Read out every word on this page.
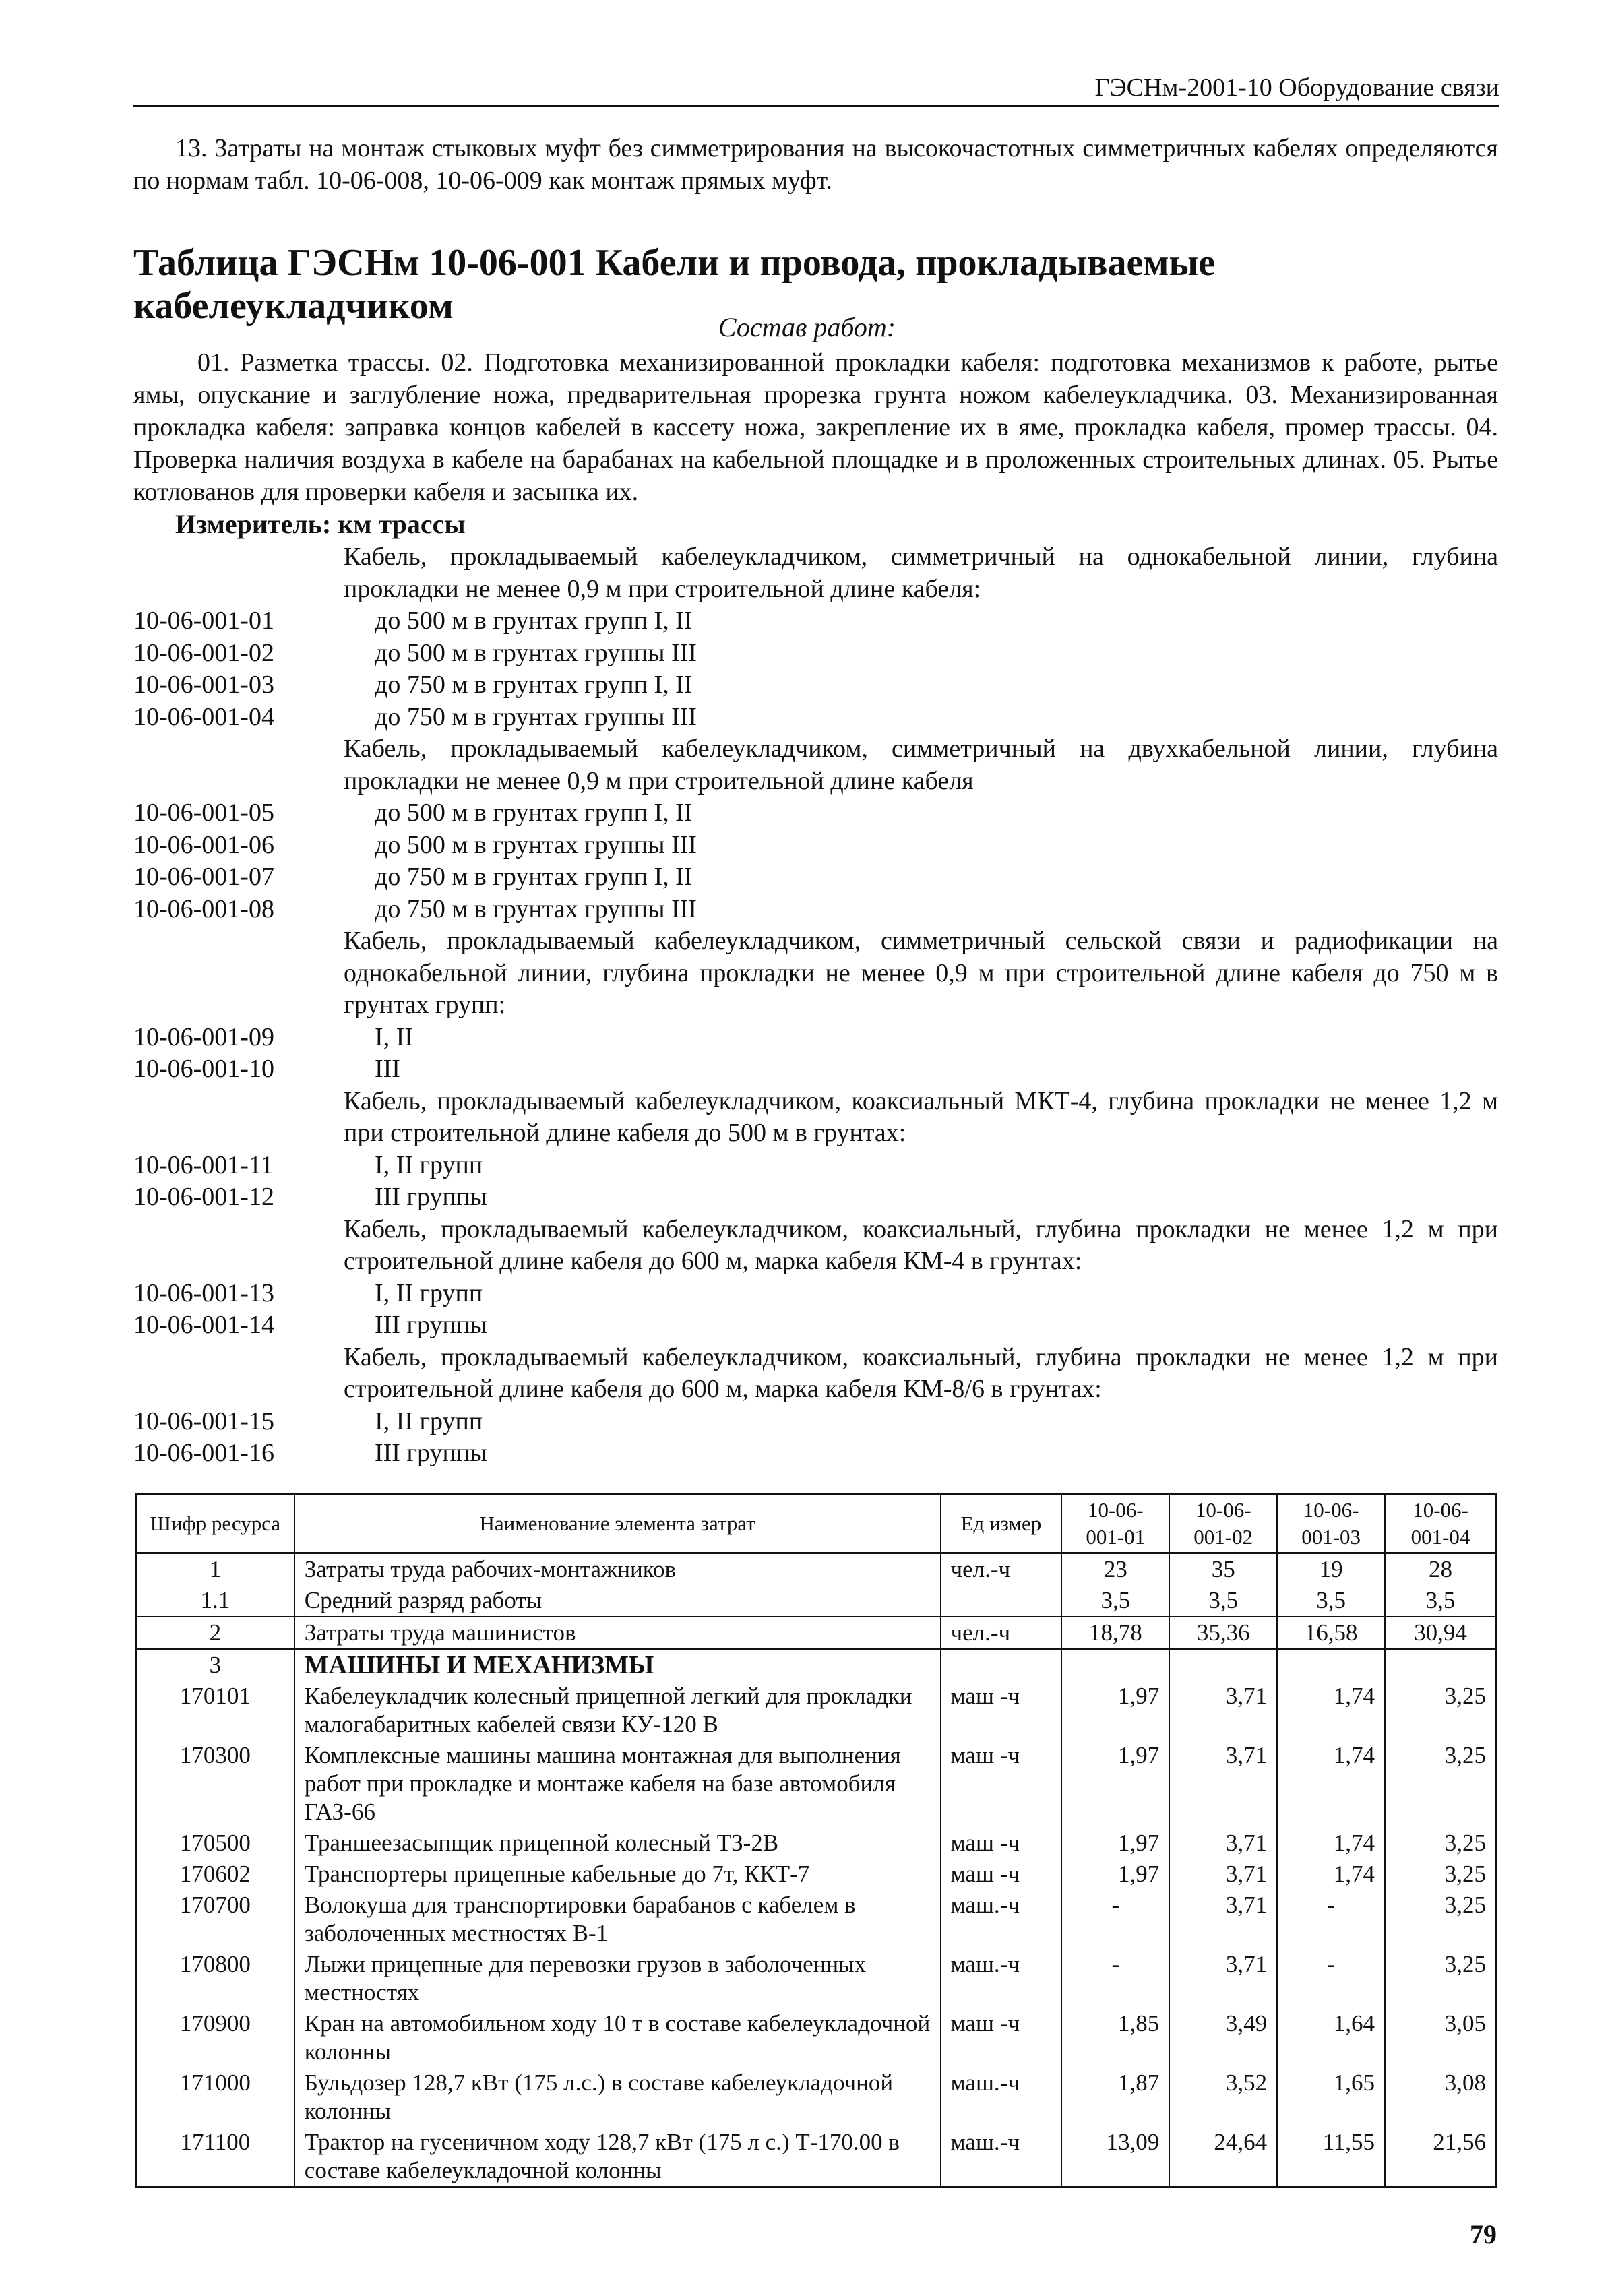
ГЭСНм-2001-10 Оборудование связи
13. Затраты на монтаж стыковых муфт без симметрирования на высокочастотных симметричных кабелях определяются по нормам табл. 10-06-008, 10-06-009 как монтаж прямых муфт.
Таблица ГЭСНм 10-06-001 Кабели и провода, прокладываемые кабелеукладчиком
Состав работ:
01. Разметка трассы. 02. Подготовка механизированной прокладки кабеля: подготовка механизмов к работе, рытье ямы, опускание и заглубление ножа, предварительная прорезка грунта ножом кабелеукладчика. 03. Механизированная прокладка кабеля: заправка концов кабелей в кассету ножа, закрепление их в яме, прокладка кабеля, промер трассы. 04. Проверка наличия воздуха в кабеле на барабанах на кабельной площадке и в проложенных строительных длинах. 05. Рытье котлованов для проверки кабеля и засыпка их.
Измеритель: км трассы
Кабель, прокладываемый кабелеукладчиком, симметричный на однокабельной линии, глубина прокладки не менее 0,9 м при строительной длине кабеля:
10-06-001-01	до 500 м в грунтах групп I, II
10-06-001-02	до 500 м в грунтах группы III
10-06-001-03	до 750 м в грунтах групп I, II
10-06-001-04	до 750 м в грунтах группы III
Кабель, прокладываемый кабелеукладчиком, симметричный на двухкабельной линии, глубина прокладки не менее 0,9 м при строительной длине кабеля
10-06-001-05	до 500 м в грунтах групп I, II
10-06-001-06	до 500 м в грунтах группы III
10-06-001-07	до 750 м в грунтах групп I, II
10-06-001-08	до 750 м в грунтах группы III
Кабель, прокладываемый кабелеукладчиком, симметричный сельской связи и радиофикации на однокабельной линии, глубина прокладки не менее 0,9 м при строительной длине кабеля до 750 м в грунтах групп:
10-06-001-09	I, II
10-06-001-10	III
Кабель, прокладываемый кабелеукладчиком, коаксиальный МКТ-4, глубина прокладки не менее 1,2 м при строительной длине кабеля до 500 м в грунтах:
10-06-001-11	I, II групп
10-06-001-12	III группы
Кабель, прокладываемый кабелеукладчиком, коаксиальный, глубина прокладки не менее 1,2 м при строительной длине кабеля до 600 м, марка кабеля КМ-4 в грунтах:
10-06-001-13	I, II групп
10-06-001-14	III группы
Кабель, прокладываемый кабелеукладчиком, коаксиальный, глубина прокладки не менее 1,2 м при строительной длине кабеля до 600 м, марка кабеля КМ-8/6 в грунтах:
10-06-001-15	I, II групп
10-06-001-16	III группы
Шифр ресурса	Наименование элемента затрат	Ед измер	10-06-001-01	10-06-001-02	10-06-001-03	10-06-001-04
1	Затраты труда рабочих-монтажников	чел.-ч	23	35	19	28
1.1	Средний разряд работы		3,5	3,5	3,5	3,5
2	Затраты труда машинистов	чел.-ч	18,78	35,36	16,58	30,94
3	МАШИНЫ И МЕХАНИЗМЫ					
170101	Кабелеукладчик колесный прицепной легкий для прокладки малогабаритных кабелей связи КУ-120 В	маш -ч	1,97	3,71	1,74	3,25
170300	Комплексные машины машина монтажная для выполнения работ при прокладке и монтаже кабеля на базе автомобиля ГАЗ-66	маш -ч	1,97	3,71	1,74	3,25
170500	Траншеезасыпщик прицепной колесный ТЗ-2В	маш -ч	1,97	3,71	1,74	3,25
170602	Транспортеры прицепные кабельные до 7т, ККТ-7	маш -ч	1,97	3,71	1,74	3,25
170700	Волокуша для транспортировки барабанов с кабелем в заболоченных местностях В-1	маш.-ч	-	3,71	-	3,25
170800	Лыжи прицепные для перевозки грузов в заболоченных местностях	маш.-ч	-	3,71	-	3,25
170900	Кран на автомобильном ходу 10 т в составе кабелеукладочной колонны	маш -ч	1,85	3,49	1,64	3,05
171000	Бульдозер 128,7 кВт (175 л.с.) в составе кабелеукладочной колонны	маш.-ч	1,87	3,52	1,65	3,08
171100	Трактор на гусеничном ходу 128,7 кВт (175 л с.) Т-170.00 в составе кабелеукладочной колонны	маш.-ч	13,09	24,64	11,55	21,56
79
